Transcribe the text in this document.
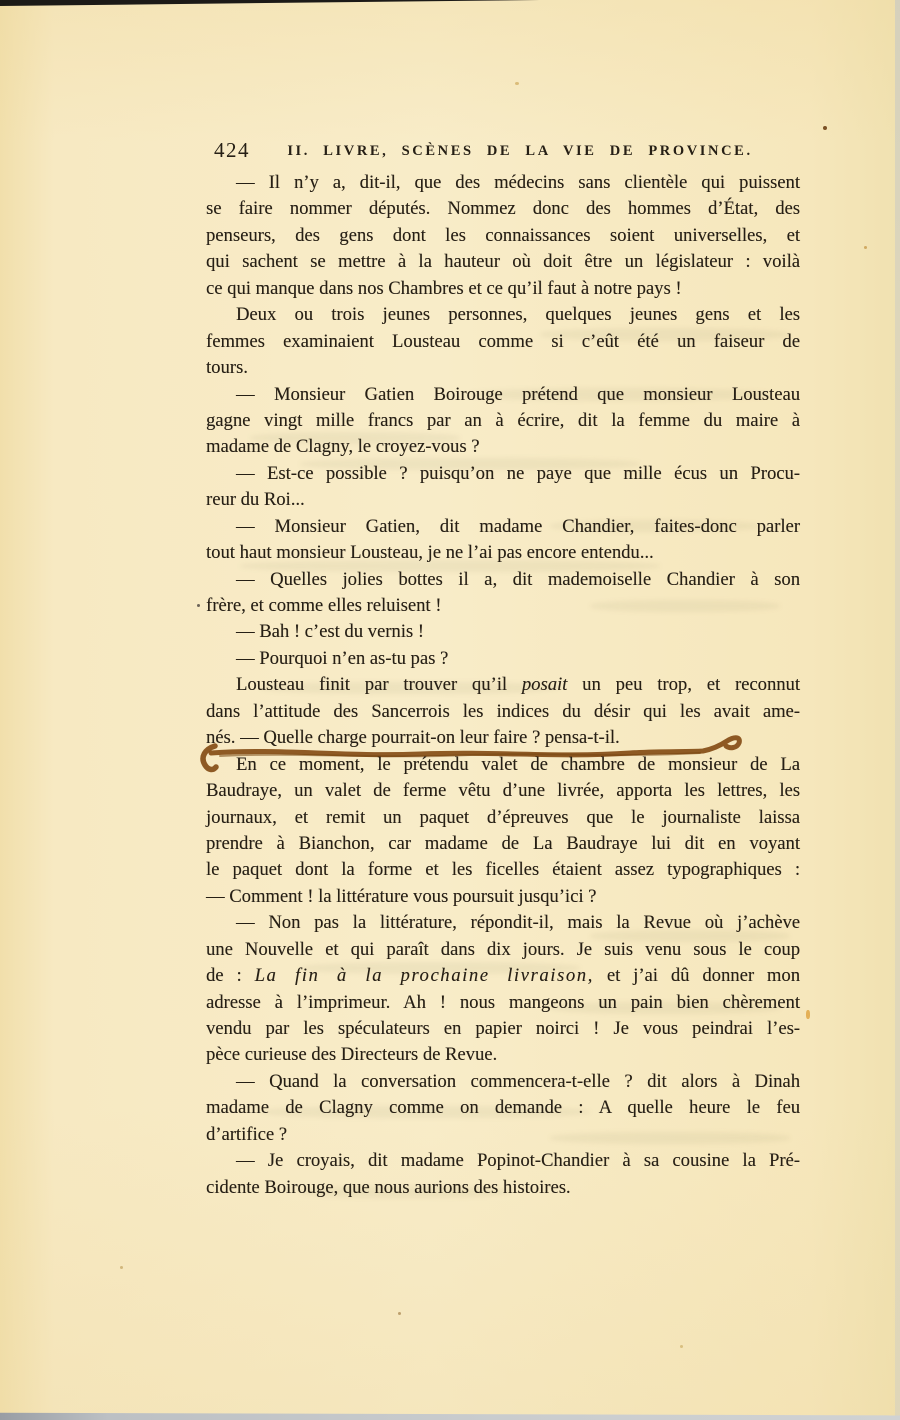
424	II. LIVRE, SCÈNES DE LA VIE DE PROVINCE.
— Il n’y a, dit-il, que des médecins sans clientèle qui puissent
se faire nommer députés. Nommez donc des hommes d’État, des
penseurs, des gens dont les connaissances soient universelles, et
qui sachent se mettre à la hauteur où doit être un législateur : voilà
ce qui manque dans nos Chambres et ce qu’il faut à notre pays !
Deux ou trois jeunes personnes, quelques jeunes gens et les
femmes examinaient Lousteau comme si c’eût été un faiseur de
tours.
— Monsieur Gatien Boirouge prétend que monsieur Lousteau
gagne vingt mille francs par an à écrire, dit la femme du maire à
madame de Clagny, le croyez-vous ?
— Est-ce possible ? puisqu’on ne paye que mille écus un Procu-
reur du Roi...
— Monsieur Gatien, dit madame Chandier, faites-donc parler
tout haut monsieur Lousteau, je ne l’ai pas encore entendu...
— Quelles jolies bottes il a, dit mademoiselle Chandier à son
frère, et comme elles reluisent !
— Bah ! c’est du vernis !
— Pourquoi n’en as-tu pas ?
Lousteau finit par trouver qu’il posait un peu trop, et reconnut
dans l’attitude des Sancerrois les indices du désir qui les avait ame-
nés. — Quelle charge pourrait-on leur faire ? pensa-t-il.
En ce moment, le prétendu valet de chambre de monsieur de La
Baudraye, un valet de ferme vêtu d’une livrée, apporta les lettres, les
journaux, et remit un paquet d’épreuves que le journaliste laissa
prendre à Bianchon, car madame de La Baudraye lui dit en voyant
le paquet dont la forme et les ficelles étaient assez typographiques :
— Comment ! la littérature vous poursuit jusqu’ici ?
— Non pas la littérature, répondit-il, mais la Revue où j’achève
une Nouvelle et qui paraît dans dix jours. Je suis venu sous le coup
de : La fin à la prochaine livraison, et j’ai dû donner mon
adresse à l’imprimeur. Ah ! nous mangeons un pain bien chèrement
vendu par les spéculateurs en papier noirci ! Je vous peindrai l’es-
pèce curieuse des Directeurs de Revue.
— Quand la conversation commencera-t-elle ? dit alors à Dinah
madame de Clagny comme on demande : A quelle heure le feu
d’artifice ?
— Je croyais, dit madame Popinot-Chandier à sa cousine la Pré-
cidente Boirouge, que nous aurions des histoires.
